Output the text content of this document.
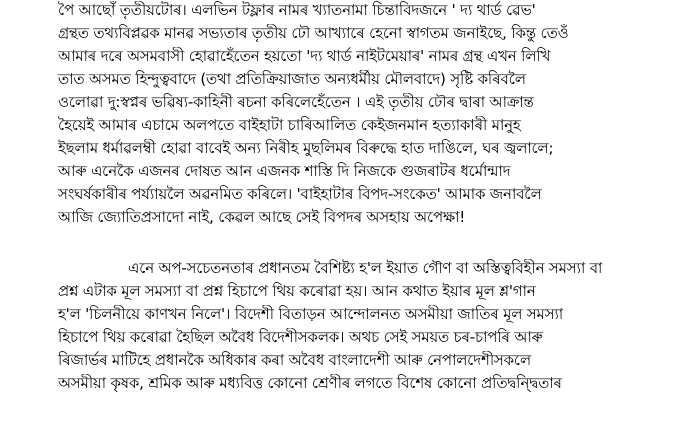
পৈ আছোঁ তৃতীয়টোৰ। এলভিন টফ্লাৰ নামৰ খ্যাতনামা চিন্তাবিদজনে ' দ্য থাৰ্ড ৱেভ'
গ্ৰন্থত তথ্যবিপ্লৱক মানৱ সভ্যতাৰ তৃতীয় ঢৌ আখ্যাৰে হেনো স্বাগতম জনাইছে, কিন্তু তেওঁ
আমাৰ দৰে অসমবাসী হোৱাহেঁতেন হয়তো 'দ্য থাৰ্ড নাইটমেয়াৰ' নামৰ গ্ৰন্থ এখন লিখি
তাত অসমত হিন্দুত্ববাদে (তথা প্ৰতিক্ৰিয়াজাত অন্যধৰ্মীয় মৌলবাদে) সৃষ্টি কৰিবলৈ
ওলোৱা দু:স্বপ্নৰ ভৱিষ্য-কাহিনী ৰচনা কৰিলেহেঁতেন । এই তৃতীয় ঢৌৰ দ্বাৰা আক্ৰান্ত
হৈয়েই আমাৰ এচামে অলপতে বাইহাটা চাৰিআলিত কেইজনমান হত্যাকাৰী মানুহ
ইছলাম ধৰ্মাৱলম্বী হোৱা বাবেই অন্য নিৰীহ মুছলিমৰ বিৰুদ্ধে হাত দাঙিলে, ঘৰ জ্বলালে;
আৰু এনেকৈ এজনৰ দোষত আন এজনক শাস্তি দি নিজকে গুজৰাটৰ ধৰ্মোন্মাদ
সংঘৰ্ষকাৰীৰ পৰ্য্যায়লৈ অৱনমিত কৰিলে। 'বাইহাটাৰ বিপদ-সংকেত' আমাক জনাবলৈ
আজি জ্যোতিপ্ৰসাদো নাই, কেৱল আছে সেই বিপদৰ অসহায় অপেক্ষা!
এনে অপ-সচেতনতাৰ প্ৰধানতম বৈশিষ্ট্য হ'ল ইয়াত গৌণ বা অস্তিত্ববিহীন সমস্যা বা
প্ৰশ্ন এটাক মূল সমস্যা বা প্ৰশ্ন হিচাপে থিয় কৰোৱা হয়। আন কথাত ইয়াৰ মূল শ্ল'গান
হ'ল 'চিলনীয়ে কাণখন নিলে'। বিদেশী বিতাড়ন আন্দোলনত অসমীয়া জাতিৰ মূল সমস্যা
হিচাপে থিয় কৰোৱা হৈছিল অবৈধ বিদেশীসকলক। অথচ সেই সময়ত চৰ-চাপৰি আৰু
ৰিজাৰ্ভৰ মাটিহে প্ৰধানকৈ অধিকাৰ কৰা অবৈধ বাংলাদেশী আৰু নেপালদেশীসকলে
অসমীয়া কৃষক, শ্ৰমিক আৰু মধ্যবিত্ত কোনো শ্ৰেণীৰ লগতে বিশেষ কোনো প্ৰতিদ্বন্দ্বিতাৰ
